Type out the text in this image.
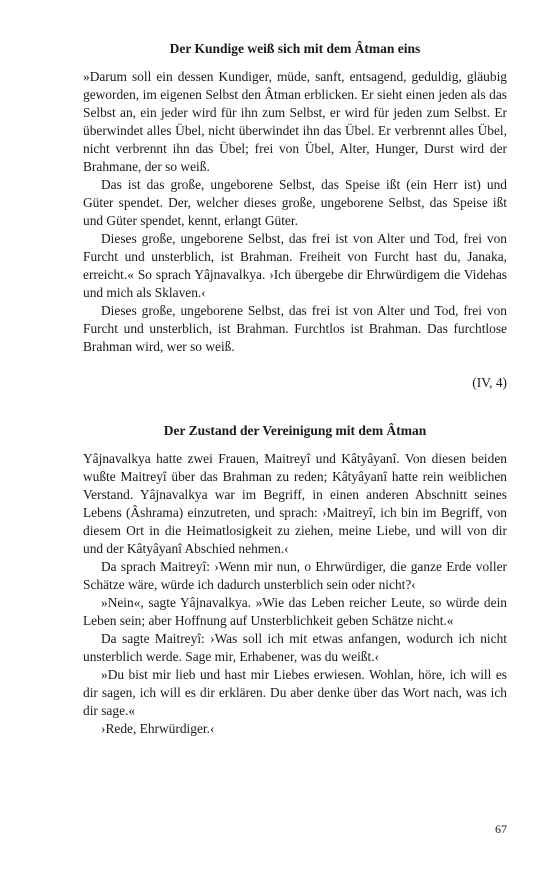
Der Kundige weiß sich mit dem Âtman eins

»Darum soll ein dessen Kundiger, müde, sanft, entsagend, geduldig, gläubig geworden, im eigenen Selbst den Âtman erblicken. Er sieht einen jeden als das Selbst an, ein jeder wird für ihn zum Selbst, er wird für jeden zum Selbst. Er überwindet alles Übel, nicht überwindet ihn das Übel. Er verbrennt alles Übel, nicht verbrennt ihn das Übel; frei von Übel, Alter, Hunger, Durst wird der Brahmane, der so weiß.

Das ist das große, ungeborene Selbst, das Speise ißt (ein Herr ist) und Güter spendet. Der, welcher dieses große, ungeborene Selbst, das Speise ißt und Güter spendet, kennt, erlangt Güter.

Dieses große, ungeborene Selbst, das frei ist von Alter und Tod, frei von Furcht und unsterblich, ist Brahman. Freiheit von Furcht hast du, Janaka, erreicht.« So sprach Yâjnavalkya. ›Ich übergebe dir Ehrwürdigem die Videhas und mich als Sklaven.‹

Dieses große, ungeborene Selbst, das frei ist von Alter und Tod, frei von Furcht und unsterblich, ist Brahman. Furchtlos ist Brahman. Das furchtlose Brahman wird, wer so weiß.

(IV, 4)
Der Zustand der Vereinigung mit dem Âtman

Yâjnavalkya hatte zwei Frauen, Maitreyî und Kâtyâyanî. Von diesen beiden wußte Maitreyî über das Brahman zu reden; Kâtyâyanî hatte rein weiblichen Verstand. Yâjnavalkya war im Begriff, in einen anderen Abschnitt seines Lebens (Âshrama) einzutreten, und sprach: ›Maitreyî, ich bin im Begriff, von diesem Ort in die Heimatlosigkeit zu ziehen, meine Liebe, und will von dir und der Kâtyâyanî Abschied nehmen.‹

Da sprach Maitreyî: ›Wenn mir nun, o Ehrwürdiger, die ganze Erde voller Schätze wäre, würde ich dadurch unsterblich sein oder nicht?‹

»Nein«, sagte Yâjnavalkya. »Wie das Leben reicher Leute, so würde dein Leben sein; aber Hoffnung auf Unsterblichkeit geben Schätze nicht.«

Da sagte Maitreyî: ›Was soll ich mit etwas anfangen, wodurch ich nicht unsterblich werde. Sage mir, Erhabener, was du weißt.‹

»Du bist mir lieb und hast mir Liebes erwiesen. Wohlan, höre, ich will es dir sagen, ich will es dir erklären. Du aber denke über das Wort nach, was ich dir sage.«

›Rede, Ehrwürdiger.‹

67
